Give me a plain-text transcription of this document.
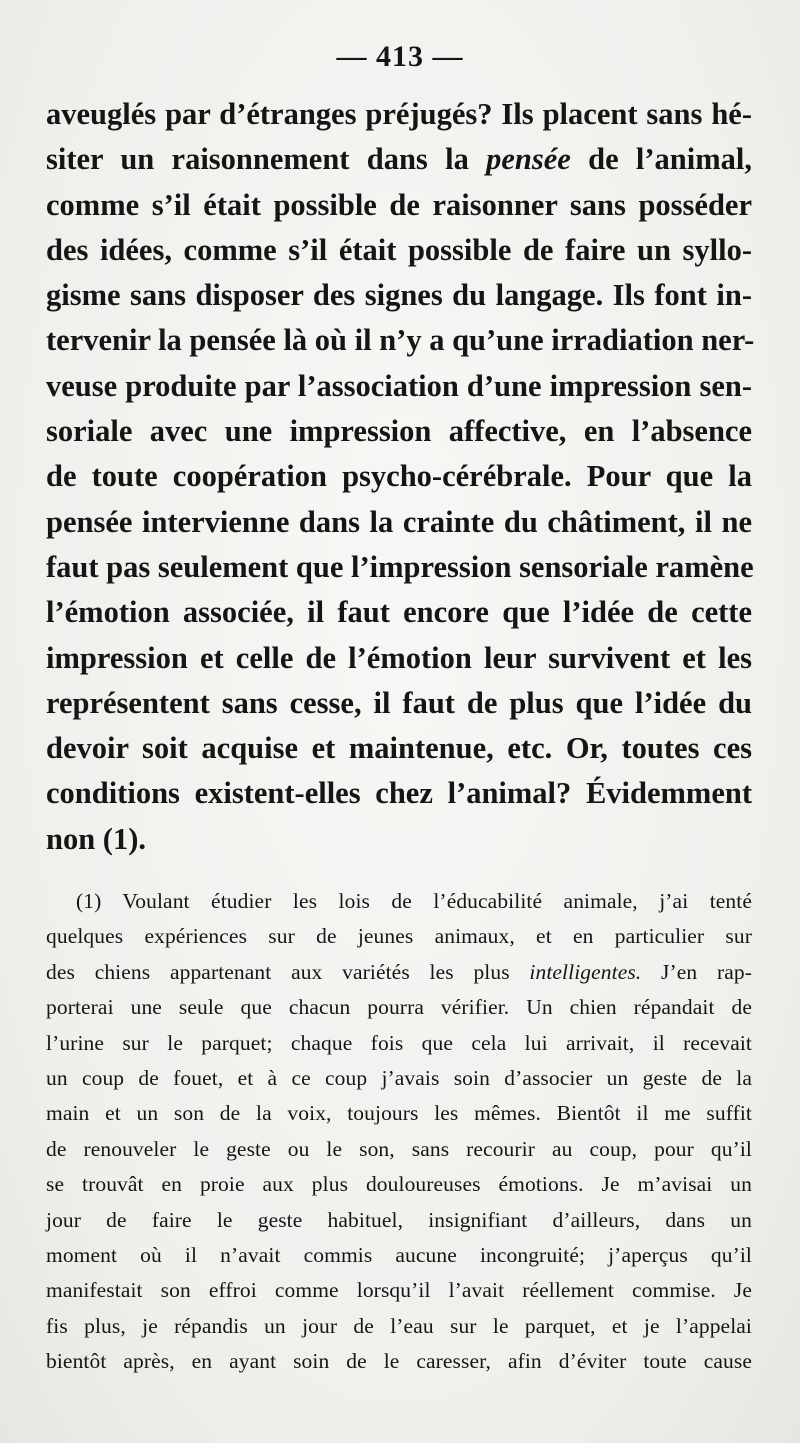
— 413 —
aveuglés par d’étranges préjugés? Ils placent sans hé-
siter un raisonnement dans la pensée de l’animal,
comme s’il était possible de raisonner sans posséder
des idées, comme s’il était possible de faire un syllo-
gisme sans disposer des signes du langage. Ils font in-
tervenir la pensée là où il n’y a qu’une irradiation ner-
veuse produite par l’association d’une impression sen-
soriale avec une impression affective, en l’absence
de toute coopération psycho-cérébrale. Pour que la
pensée intervienne dans la crainte du châtiment, il ne
faut pas seulement que l’impression sensoriale ramène
l’émotion associée, il faut encore que l’idée de cette
impression et celle de l’émotion leur survivent et les
représentent sans cesse, il faut de plus que l’idée du
devoir soit acquise et maintenue, etc. Or, toutes ces
conditions existent-elles chez l’animal? Évidemment
non (1).
(1) Voulant étudier les lois de l’éducabilité animale, j’ai tenté
quelques expériences sur de jeunes animaux, et en particulier sur
des chiens appartenant aux variétés les plus intelligentes. J’en rap-
porterai une seule que chacun pourra vérifier. Un chien répandait de
l’urine sur le parquet; chaque fois que cela lui arrivait, il recevait
un coup de fouet, et à ce coup j’avais soin d’associer un geste de la
main et un son de la voix, toujours les mêmes. Bientôt il me suffit
de renouveler le geste ou le son, sans recourir au coup, pour qu’il
se trouvât en proie aux plus douloureuses émotions. Je m’avisai un
jour de faire le geste habituel, insignifiant d’ailleurs, dans un
moment où il n’avait commis aucune incongruité; j’aperçus qu’il
manifestait son effroi comme lorsqu’il l’avait réellement commise. Je
fis plus, je répandis un jour de l’eau sur le parquet, et je l’appelai
bientôt après, en ayant soin de le caresser, afin d’éviter toute cause
